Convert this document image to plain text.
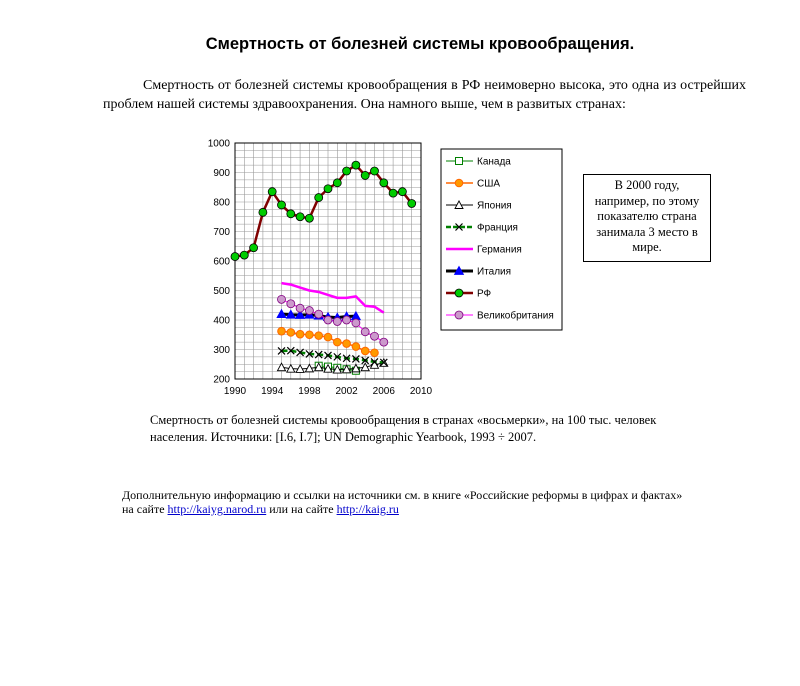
Смертность от болезней системы кровообращения.
Смертность от болезней системы кровообращения в РФ неимоверно высока, это одна из острейших проблем нашей системы здравоохранения. Она намного выше, чем в развитых странах:
200
300
400
500
600
700
800
900
1000
1990 1994 1998 2002 2006 2010
Канада
США
Япония
Франция
Германия
Италия
РФ
Великобритания
В 2000 году, например, по этому показателю страна занимала 3 место в мире.
Смертность от болезней системы кровообращения в странах «восьмерки», на 100 тыс. человек населения. Источники: [I.6, I.7]; UN Demographic Yearbook, 1993 ÷ 2007.
Дополнительную информацию и ссылки на источники см. в книге «Российские реформы в цифрах и фактах»
на сайте http://kaiyg.narod.ru или на сайте http://kaig.ru
